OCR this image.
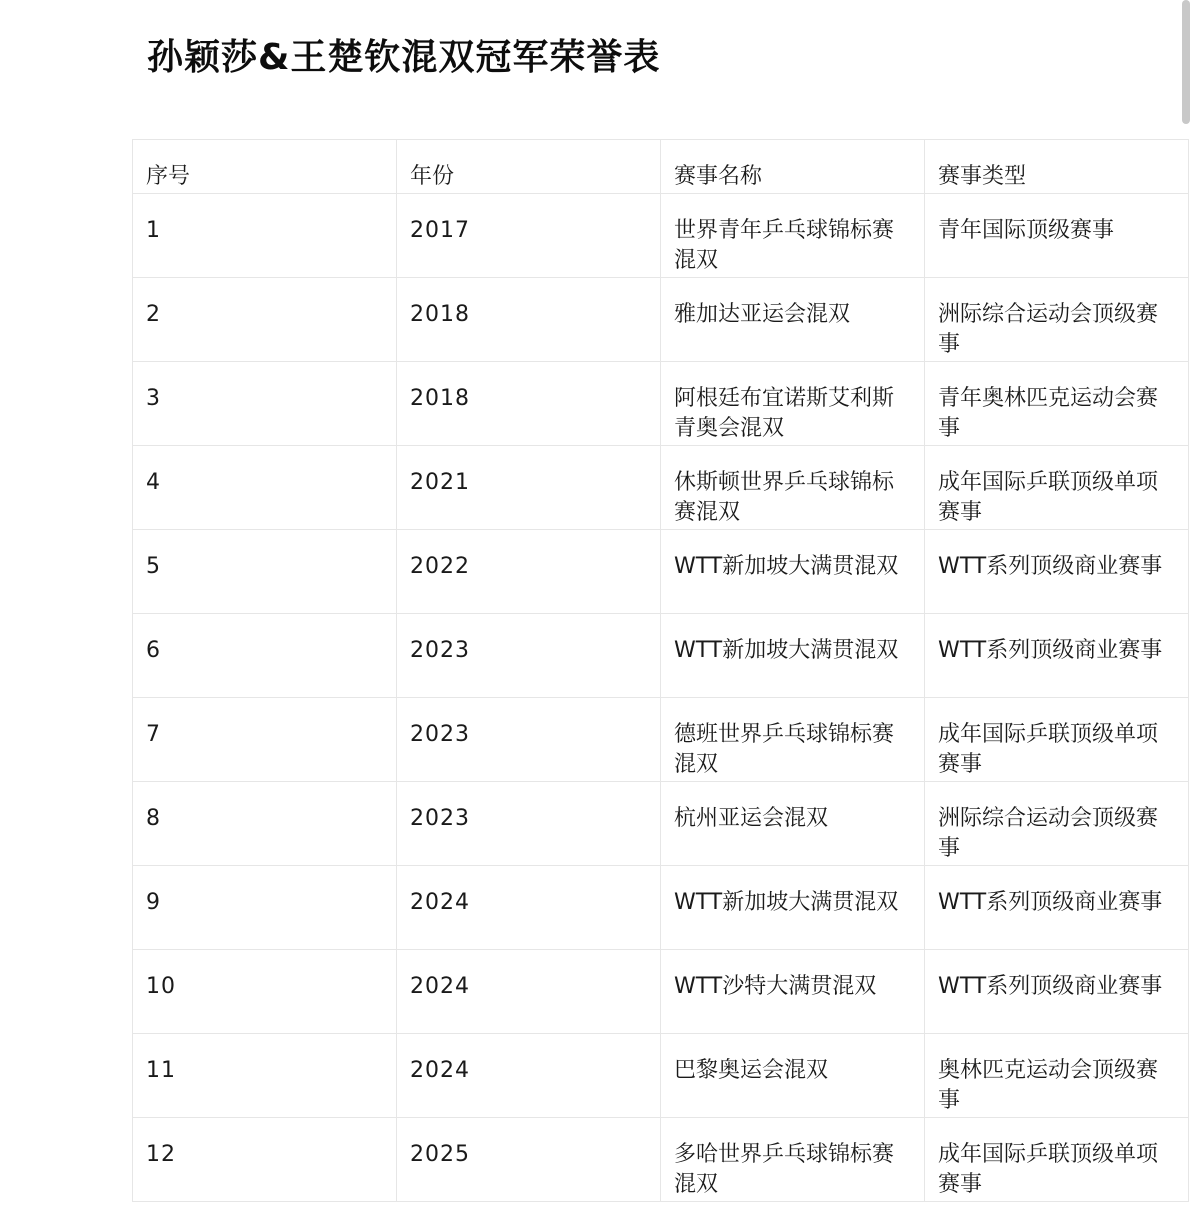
孙颖莎&王楚钦混双冠军荣誉表
序号	年份	赛事名称	赛事类型
1	2017	世界青年乒乓球锦标赛混双	青年国际顶级赛事
2	2018	雅加达亚运会混双	洲际综合运动会顶级赛事
3	2018	阿根廷布宜诺斯艾利斯青奥会混双	青年奥林匹克运动会赛事
4	2021	休斯顿世界乒乓球锦标赛混双	成年国际乒联顶级单项赛事
5	2022	WTT新加坡大满贯混双	WTT系列顶级商业赛事
6	2023	WTT新加坡大满贯混双	WTT系列顶级商业赛事
7	2023	德班世界乒乓球锦标赛混双	成年国际乒联顶级单项赛事
8	2023	杭州亚运会混双	洲际综合运动会顶级赛事
9	2024	WTT新加坡大满贯混双	WTT系列顶级商业赛事
10	2024	WTT沙特大满贯混双	WTT系列顶级商业赛事
11	2024	巴黎奥运会混双	奥林匹克运动会顶级赛事
12	2025	多哈世界乒乓球锦标赛混双	成年国际乒联顶级单项赛事
